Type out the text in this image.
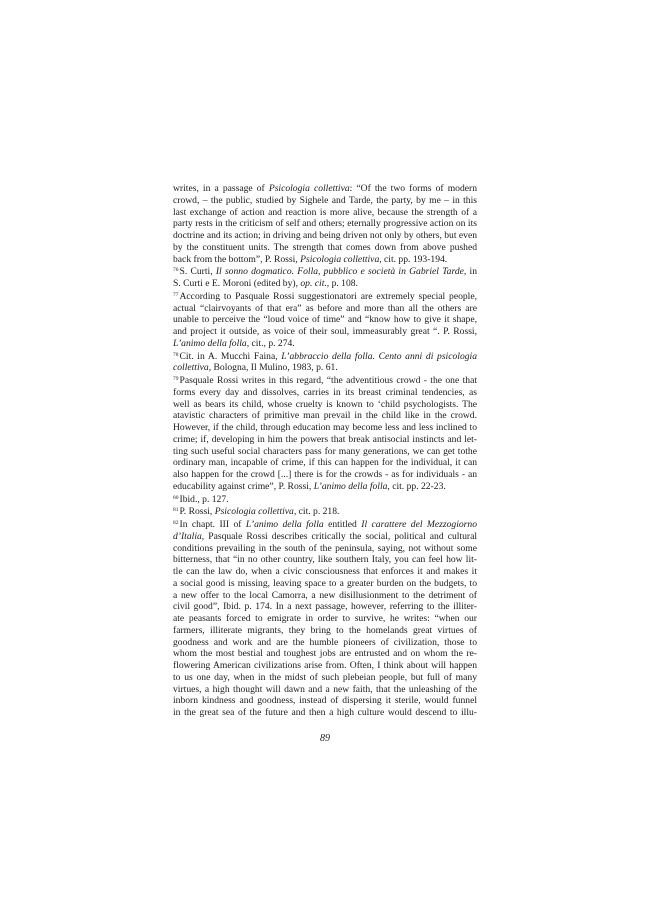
writes, in a passage of Psicologia collettiva: “Of the two forms of modern
crowd, – the public, studied by Sighele and Tarde, the party, by me – in this
last exchange of action and reaction is more alive, because the strength of a
party rests in the criticism of self and others; eternally progressive action on its
doctrine and its action; in driving and being driven not only by others, but even
by the constituent units. The strength that comes down from above pushed
back from the bottom”, P. Rossi, Psicologia collettiva, cit. pp. 193-194.
$^{76}$S. Curti, Il sonno dogmatico. Folla, pubblico e società in Gabriel Tarde, in
S. Curti e E. Moroni (edited by), op. cit., p. 108.
$^{77}$According to Pasquale Rossi suggestionatori are extremely special people,
actual “clairvoyants of that era” as before and more than all the others are
unable to perceive the “loud voice of time” and “know how to give it shape,
and project it outside, as voice of their soul, immeasurably great “. P. Rossi,
L’animo della folla, cit., p. 274.
$^{78}$Cit. in A. Mucchi Faina, L’abbraccio della folla. Cento anni di psicologia
collettiva, Bologna, Il Mulino, 1983, p. 61.
$^{79}$Pasquale Rossi writes in this regard, “the adventitious crowd - the one that
forms every day and dissolves, carries in its breast criminal tendencies, as
well as bears its child, whose cruelty is known to ‘child psychologists. The
atavistic characters of primitive man prevail in the child like in the crowd.
However, if the child, through education may become less and less inclined to
crime; if, developing in him the powers that break antisocial instincts and let-
ting such useful social characters pass for many generations, we can get tothe
ordinary man, incapable of crime, if this can happen for the individual, it can
also happen for the crowd [...] there is for the crowds - as for individuals - an
educability against crime”, P. Rossi, L’animo della folla, cit. pp. 22-23.
$^{80}$Ibid., p. 127.
$^{81}$P. Rossi, Psicologia collettiva, cit. p. 218.
$^{82}$In chapt. III of L’animo della folla entitled Il carattere del Mezzogiorno
d’Italia, Pasquale Rossi describes critically the social, political and cultural
conditions prevailing in the south of the peninsula, saying, not without some
bitterness, that “in no other country, like southern Italy, you can feel how lit-
tle can the law do, when a civic consciousness that enforces it and makes it
a social good is missing, leaving space to a greater burden on the budgets, to
a new offer to the local Camorra, a new disillusionment to the detriment of
civil good”, Ibid. p. 174. In a next passage, however, referring to the illiter-
ate peasants forced to emigrate in order to survive, he writes: “when our
farmers, illiterate migrants, they bring to the homelands great virtues of
goodness and work and are the humble pioneers of civilization, those to
whom the most bestial and toughest jobs are entrusted and on whom the re-
flowering American civilizations arise from. Often, I think about will happen
to us one day, when in the midst of such plebeian people, but full of many
virtues, a high thought will dawn and a new faith, that the unleashing of the
inborn kindness and goodness, instead of dispersing it sterile, would funnel
in the great sea of the future and then a high culture would descend to illu-
89
